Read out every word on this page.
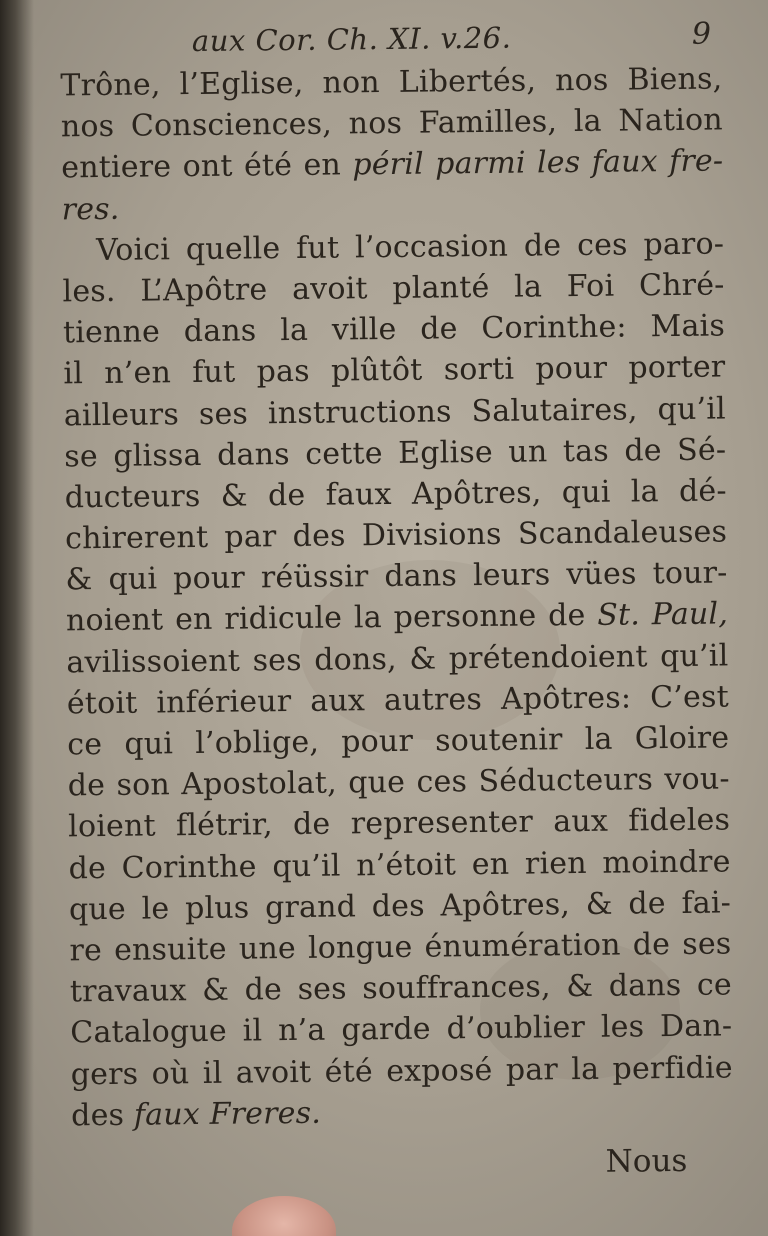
aux Cor. Ch. XI. v.26.	9
Trône, l’Eglise, non Libertés, nos Biens,
nos Consciences, nos Familles, la Nation
entiere ont été en péril parmi les faux fre-
res.
Voici quelle fut l’occasion de ces paro-
les. L’Apôtre avoit planté la Foi Chré-
tienne dans la ville de Corinthe: Mais
il n’en fut pas plûtôt sorti pour porter
ailleurs ses instructions Salutaires, qu’il
se glissa dans cette Eglise un tas de Sé-
ducteurs & de faux Apôtres, qui la dé-
chirerent par des Divisions Scandaleuses
& qui pour réüssir dans leurs vües tour-
noient en ridicule la personne de St. Paul,
avilissoient ses dons, & prétendoient qu’il
étoit inférieur aux autres Apôtres: C’est
ce qui l’oblige, pour soutenir la Gloire
de son Apostolat, que ces Séducteurs vou-
loient flétrir, de representer aux fideles
de Corinthe qu’il n’étoit en rien moindre
que le plus grand des Apôtres, & de fai-
re ensuite une longue énumération de ses
travaux & de ses souffrances, & dans ce
Catalogue il n’a garde d’oublier les Dan-
gers où il avoit été exposé par la perfidie
des faux Freres.
Nous
